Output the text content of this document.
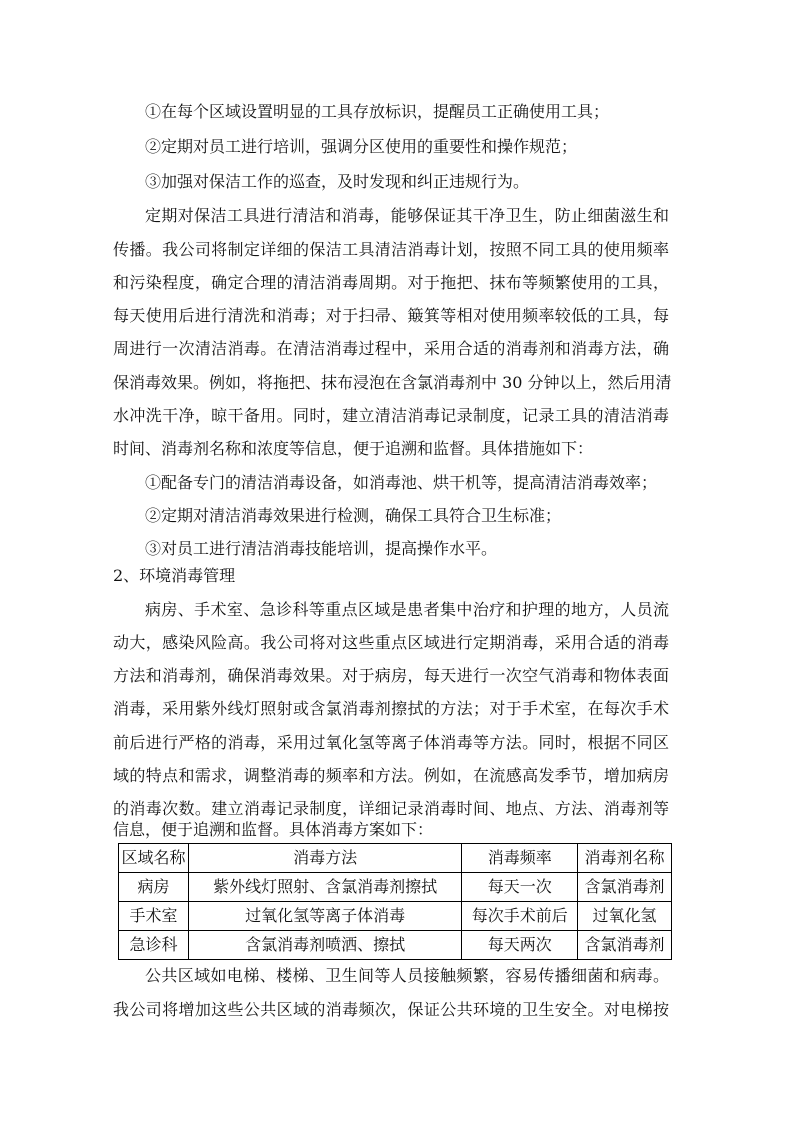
①在每个区域设置明显的工具存放标识，提醒员工正确使用工具；
②定期对员工进行培训，强调分区使用的重要性和操作规范；
③加强对保洁工作的巡查，及时发现和纠正违规行为。
定期对保洁工具进行清洁和消毒，能够保证其干净卫生，防止细菌滋生和
传播。我公司将制定详细的保洁工具清洁消毒计划，按照不同工具的使用频率
和污染程度，确定合理的清洁消毒周期。对于拖把、抹布等频繁使用的工具，
每天使用后进行清洗和消毒；对于扫帚、簸箕等相对使用频率较低的工具，每
周进行一次清洁消毒。在清洁消毒过程中，采用合适的消毒剂和消毒方法，确
保消毒效果。例如，将拖把、抹布浸泡在含氯消毒剂中 30 分钟以上，然后用清
水冲洗干净，晾干备用。同时，建立清洁消毒记录制度，记录工具的清洁消毒
时间、消毒剂名称和浓度等信息，便于追溯和监督。具体措施如下：
①配备专门的清洁消毒设备，如消毒池、烘干机等，提高清洁消毒效率；
②定期对清洁消毒效果进行检测，确保工具符合卫生标准；
③对员工进行清洁消毒技能培训，提高操作水平。
2、环境消毒管理
病房、手术室、急诊科等重点区域是患者集中治疗和护理的地方，人员流
动大，感染风险高。我公司将对这些重点区域进行定期消毒，采用合适的消毒
方法和消毒剂，确保消毒效果。对于病房，每天进行一次空气消毒和物体表面
消毒，采用紫外线灯照射或含氯消毒剂擦拭的方法；对于手术室，在每次手术
前后进行严格的消毒，采用过氧化氢等离子体消毒等方法。同时，根据不同区
域的特点和需求，调整消毒的频率和方法。例如，在流感高发季节，增加病房
的消毒次数。建立消毒记录制度，详细记录消毒时间、地点、方法、消毒剂等
信息，便于追溯和监督。具体消毒方案如下：
区域名称	消毒方法	消毒频率	消毒剂名称
病房	紫外线灯照射、含氯消毒剂擦拭	每天一次	含氯消毒剂
手术室	过氧化氢等离子体消毒	每次手术前后	过氧化氢
急诊科	含氯消毒剂喷洒、擦拭	每天两次	含氯消毒剂
公共区域如电梯、楼梯、卫生间等人员接触频繁，容易传播细菌和病毒。
我公司将增加这些公共区域的消毒频次，保证公共环境的卫生安全。对电梯按
